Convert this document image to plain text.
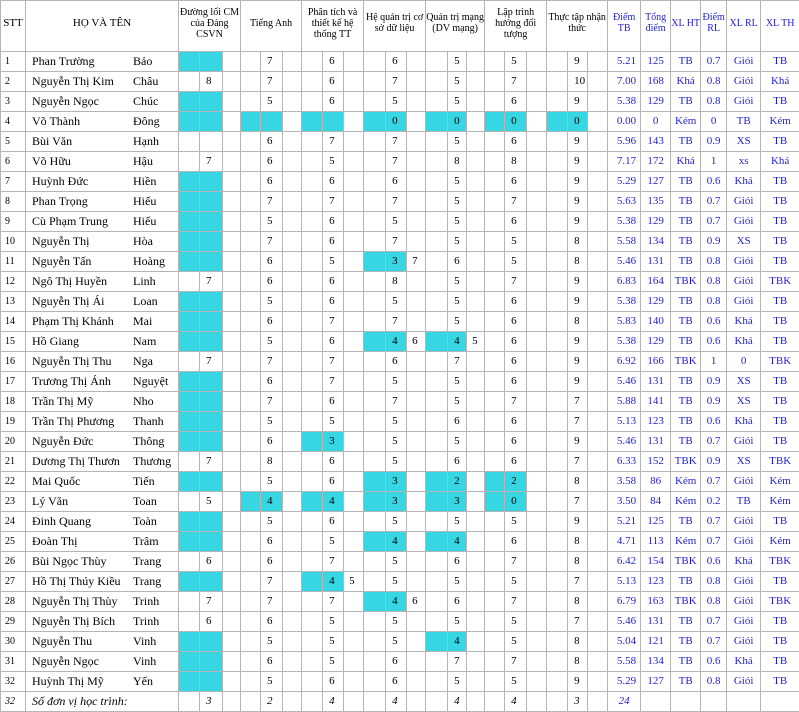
STT	HỌ VÀ TÊN		Đường lối CM của Đảng CSVN			Tiếng Anh			Phân tích và thiết kế hệ thống TT			Hệ quản trị cơ sở dữ liệu			Quản trị mạng (DV mạng)			Lập trình hướng đối tượng			Thực tập nhận thức			Điểm TB	Tổng điểm	XL HT	Điểm RL	XL RL	XL TH
1	Phan Trường	Bảo					7			6			6			5			5			9		5.21	125	TB	0.7	Giỏi	TB
2	Nguyễn Thị Kim	Châu		8			7			6			7			5			7			10		7.00	168	Khá	0.8	Giỏi	Khá
3	Nguyễn Ngọc	Chúc					5			6			5			5			6			9		5.38	129	TB	0.8	Giỏi	TB
4	Võ Thành	Đông											0			0			0			0		0.00	0	Kém	0	TB	Kém
5	Bùi Văn	Hạnh					6			7			7			5			6			9		5.96	143	TB	0.9	XS	TB
6	Võ Hữu	Hậu		7			6			5			7			8			8			9		7.17	172	Khá	1	xs	Khá
7	Huỳnh Đức	Hiền					6			6			6			5			6			9		5.29	127	TB	0.6	Khá	TB
8	Phan Trọng	Hiếu					7			7			7			5			7			9		5.63	135	TB	0.7	Giỏi	TB
9	Cù Phạm Trung	Hiếu					5			6			5			5			6			9		5.38	129	TB	0.7	Giỏi	TB
10	Nguyễn Thị	Hòa					7			6			7			5			5			8		5.58	134	TB	0.9	XS	TB
11	Nguyễn Tấn	Hoàng					6			5			3	7		6			5			8		5.46	131	TB	0.8	Giỏi	TB
12	Ngô Thị Huyền	Linh		7			6			6			8			5			7			9		6.83	164	TBK	0.8	Giỏi	TBK
13	Nguyễn Thị Ái	Loan					5			6			5			5			6			9		5.38	129	TB	0.8	Giỏi	TB
14	Phạm Thị Khánh	Mai					6			7			7			5			6			8		5.83	140	TB	0.6	Khá	TB
15	Hồ Giang	Nam					5			6			4	6		4	5		6			9		5.38	129	TB	0.6	Khá	TB
16	Nguyễn Thị Thu	Nga		7			7			7			6			7			6			9		6.92	166	TBK	1	0	TBK
17	Trương Thị Ánh	Nguyệt					6			7			5			5			6			9		5.46	131	TB	0.9	XS	TB
18	Trần Thị Mỹ	Nho					7			6			7			5			7			7		5.88	141	TB	0.9	XS	TB
19	Trần Thị Phương	Thanh					5			5			5			6			6			7		5.13	123	TB	0.6	Khá	TB
20	Nguyễn Đức	Thông					6			3			5			5			6			9		5.46	131	TB	0.7	Giỏi	TB
21	Dương Thị Thươn	Thương		7			8			6			5			6			6			7		6.33	152	TBK	0.9	XS	TBK
22	Mai Quốc	Tiến					5			6			3			2			2			8		3.58	86	Kém	0.7	Giỏi	Kém
23	Lý Văn	Toan		5			4			4			3			3			0			7		3.50	84	Kém	0.2	TB	Kém
24	Đinh Quang	Toàn					5			6			5			5			5			9		5.21	125	TB	0.7	Giỏi	TB
25	Đoàn Thị	Trâm					6			5			4			4			6			8		4.71	113	Kém	0.7	Giỏi	Kém
26	Bùi Ngọc Thùy	Trang		6			6			7			5			6			7			8		6.42	154	TBK	0.6	Khá	TBK
27	Hồ Thị Thúy Kiều	Trang					7			4	5		5			5			5			7		5.13	123	TB	0.8	Giỏi	TB
28	Nguyễn Thị Thùy	Trinh		7			7			7			4	6		6			7			8		6.79	163	TBK	0.8	Giỏi	TBK
29	Nguyễn Thị Bích	Trinh		6			6			5			5			5			5			7		5.46	131	TB	0.7	Giỏi	TB
30	Nguyễn Thu	Vinh					5			5			5			4			5			8		5.04	121	TB	0.7	Giỏi	TB
31	Nguyễn Ngọc	Vinh					6			5			6			7			7			8		5.58	134	TB	0.6	Khá	TB
32	Huỳnh Thị Mỹ	Yến					5			6			6			5			5			9		5.29	127	TB	0.8	Giỏi	TB
32	Số đơn vị học trình:			3			2			4			4			4			4			3		24					
